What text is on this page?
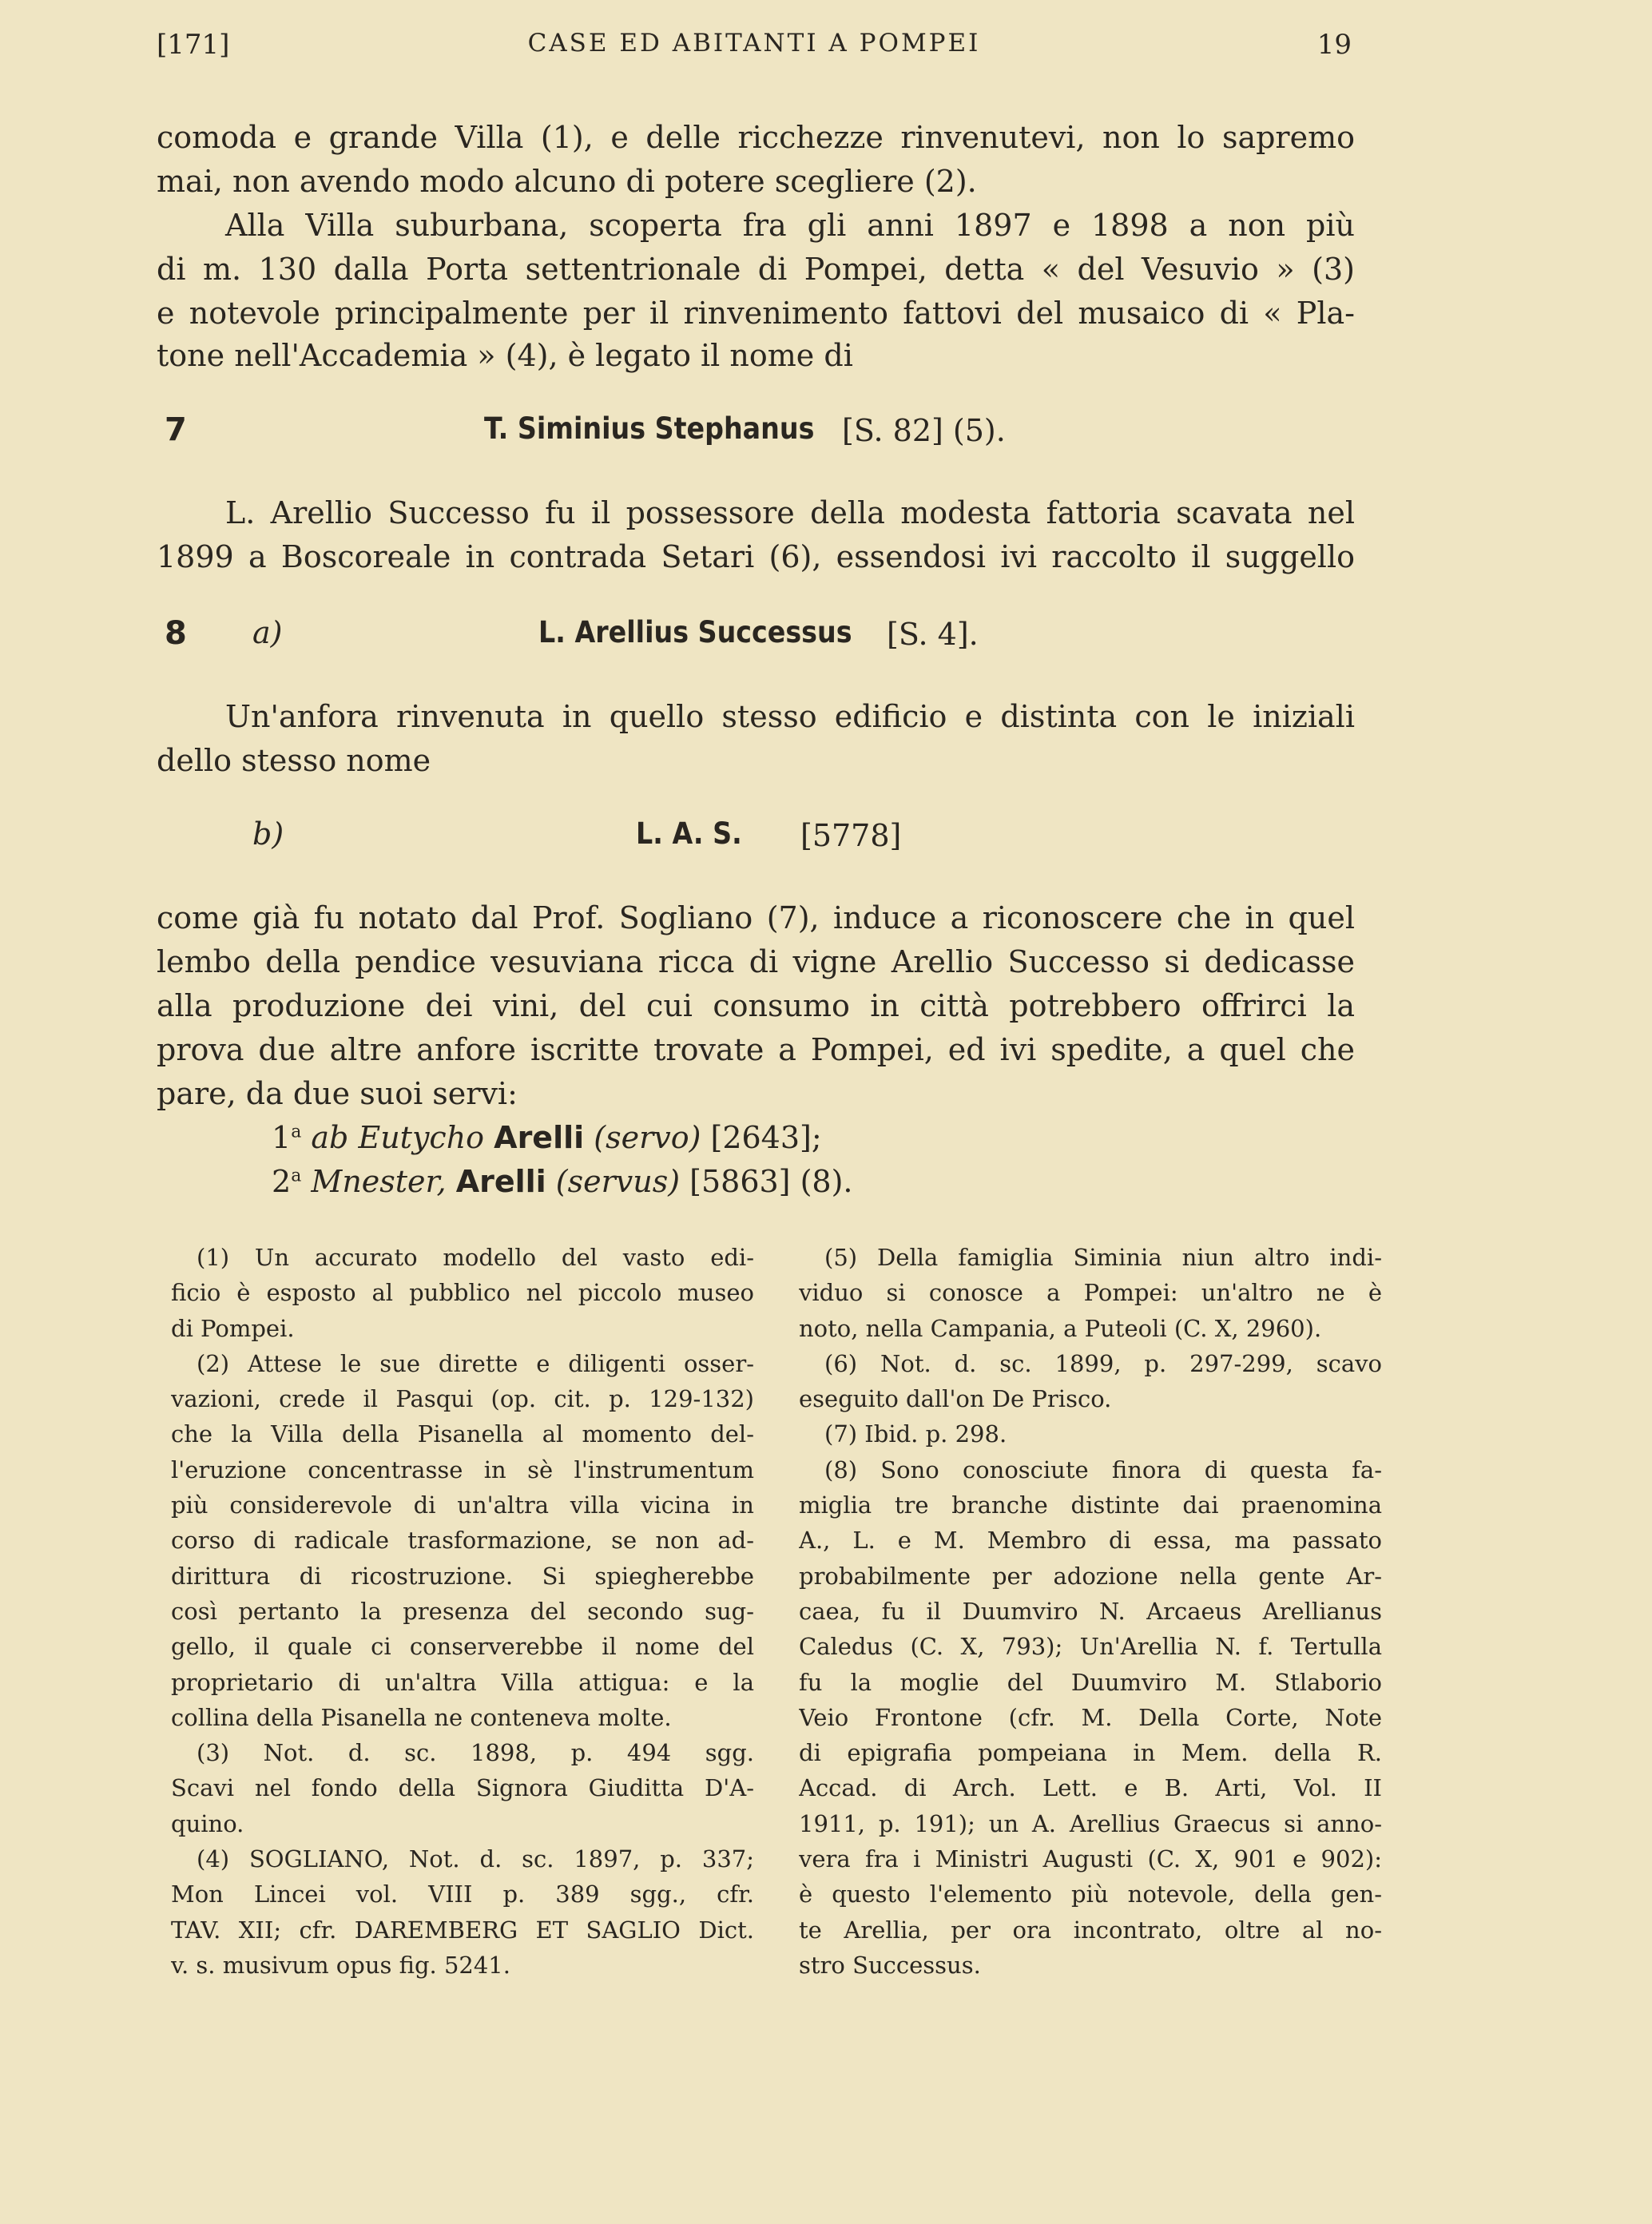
[171]	CASE ED ABITANTI A POMPEI	19
comoda e grande Villa (1), e delle ricchezze rinvenutevi, non lo sapremo
mai, non avendo modo alcuno di potere scegliere (2).
Alla Villa suburbana, scoperta fra gli anni 1897 e 1898 a non più
di m. 130 dalla Porta settentrionale di Pompei, detta « del Vesuvio » (3)
e notevole principalmente per il rinvenimento fattovi del musaico di « Pla-
tone nell'Accademia » (4), è legato il nome di
7	T. Siminius Stephanus [S. 82] (5).
L. Arellio Successo fu il possessore della modesta fattoria scavata nel
1899 a Boscoreale in contrada Setari (6), essendosi ivi raccolto il suggello
8 a)	L. Arellius Successus [S. 4].
Un'anfora rinvenuta in quello stesso edificio e distinta con le iniziali
dello stesso nome
b)	L. A. S. [5778]
come già fu notato dal Prof. Sogliano (7), induce a riconoscere che in quel
lembo della pendice vesuviana ricca di vigne Arellio Successo si dedicasse
alla produzione dei vini, del cui consumo in città potrebbero offrirci la
prova due altre anfore iscritte trovate a Pompei, ed ivi spedite, a quel che
pare, da due suoi servi:
1$^a$ ab Eutycho Arelli (servo) [2643];
2$^a$ Mnester, Arelli (servus) [5863] (8).
(1) Un accurato modello del vasto edi-
ficio è esposto al pubblico nel piccolo museo
di Pompei.
(2) Attese le sue dirette e diligenti osser-
vazioni, crede il Pasqui (op. cit. p. 129-132)
che la Villa della Pisanella al momento del-
l'eruzione concentrasse in sè l'instrumentum
più considerevole di un'altra villa vicina in
corso di radicale trasformazione, se non ad-
dirittura di ricostruzione. Si spiegherebbe
così pertanto la presenza del secondo sug-
gello, il quale ci conserverebbe il nome del
proprietario di un'altra Villa attigua: e la
collina della Pisanella ne conteneva molte.
(3) Not. d. sc. 1898, p. 494 sgg.
Scavi nel fondo della Signora Giuditta D'A-
quino.
(4) SOGLIANO, Not. d. sc. 1897, p. 337;
Mon Lincei vol. VIII p. 389 sgg., cfr.
TAV. XII; cfr. DAREMBERG ET SAGLIO Dict.
v. s. musivum opus fig. 5241.
(5) Della famiglia Siminia niun altro indi-
viduo si conosce a Pompei: un'altro ne è
noto, nella Campania, a Puteoli (C. X, 2960).
(6) Not. d. sc. 1899, p. 297-299, scavo
eseguito dall'on De Prisco.
(7) Ibid. p. 298.
(8) Sono conosciute finora di questa fa-
miglia tre branche distinte dai praenomina
A., L. e M. Membro di essa, ma passato
probabilmente per adozione nella gente Ar-
caea, fu il Duumviro N. Arcaeus Arellianus
Caledus (C. X, 793); Un'Arellia N. f. Tertulla
fu la moglie del Duumviro M. Stlaborio
Veio Frontone (cfr. M. Della Corte, Note
di epigrafia pompeiana in Mem. della R.
Accad. di Arch. Lett. e B. Arti, Vol. II
1911, p. 191); un A. Arellius Graecus si anno-
vera fra i Ministri Augusti (C. X, 901 e 902):
è questo l'elemento più notevole, della gen-
te Arellia, per ora incontrato, oltre al no-
stro Successus.
